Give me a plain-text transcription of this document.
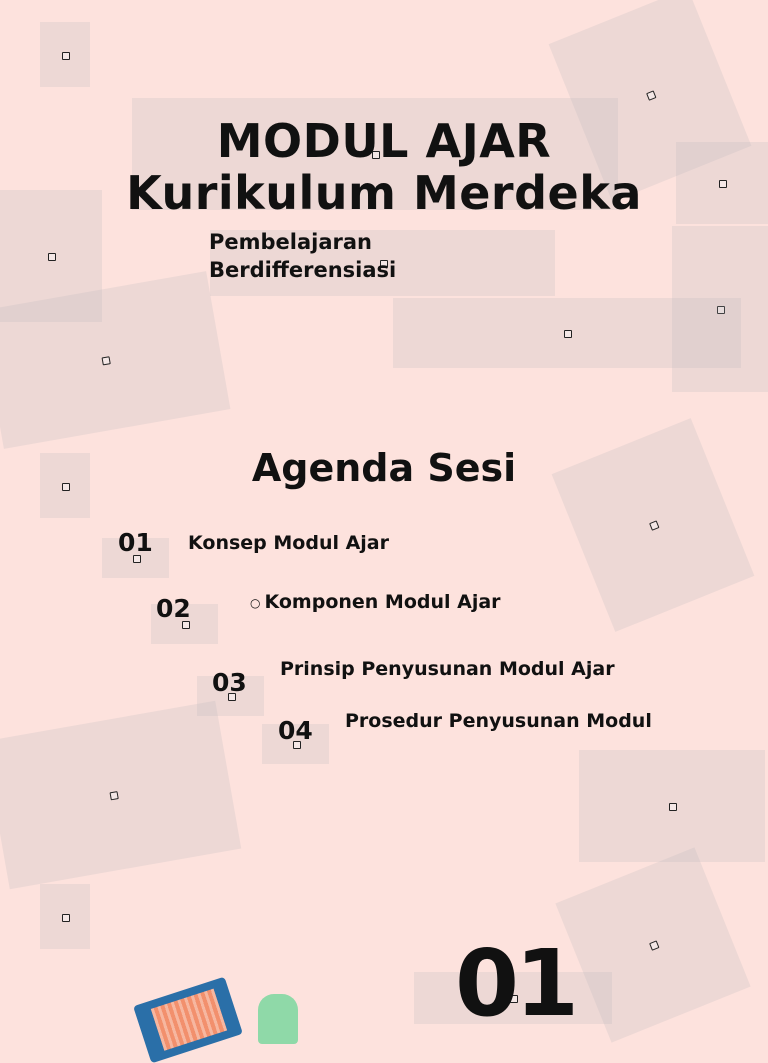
MODUL AJAR
Kurikulum Merdeka
Pembelajaran
Berdifferensiasi
Agenda Sesi
01 Konsep Modul Ajar
02	○ Komponen Modul Ajar
03 Prinsip Penyusunan Modul Ajar
04 Prosedur Penyusunan Modul
01
